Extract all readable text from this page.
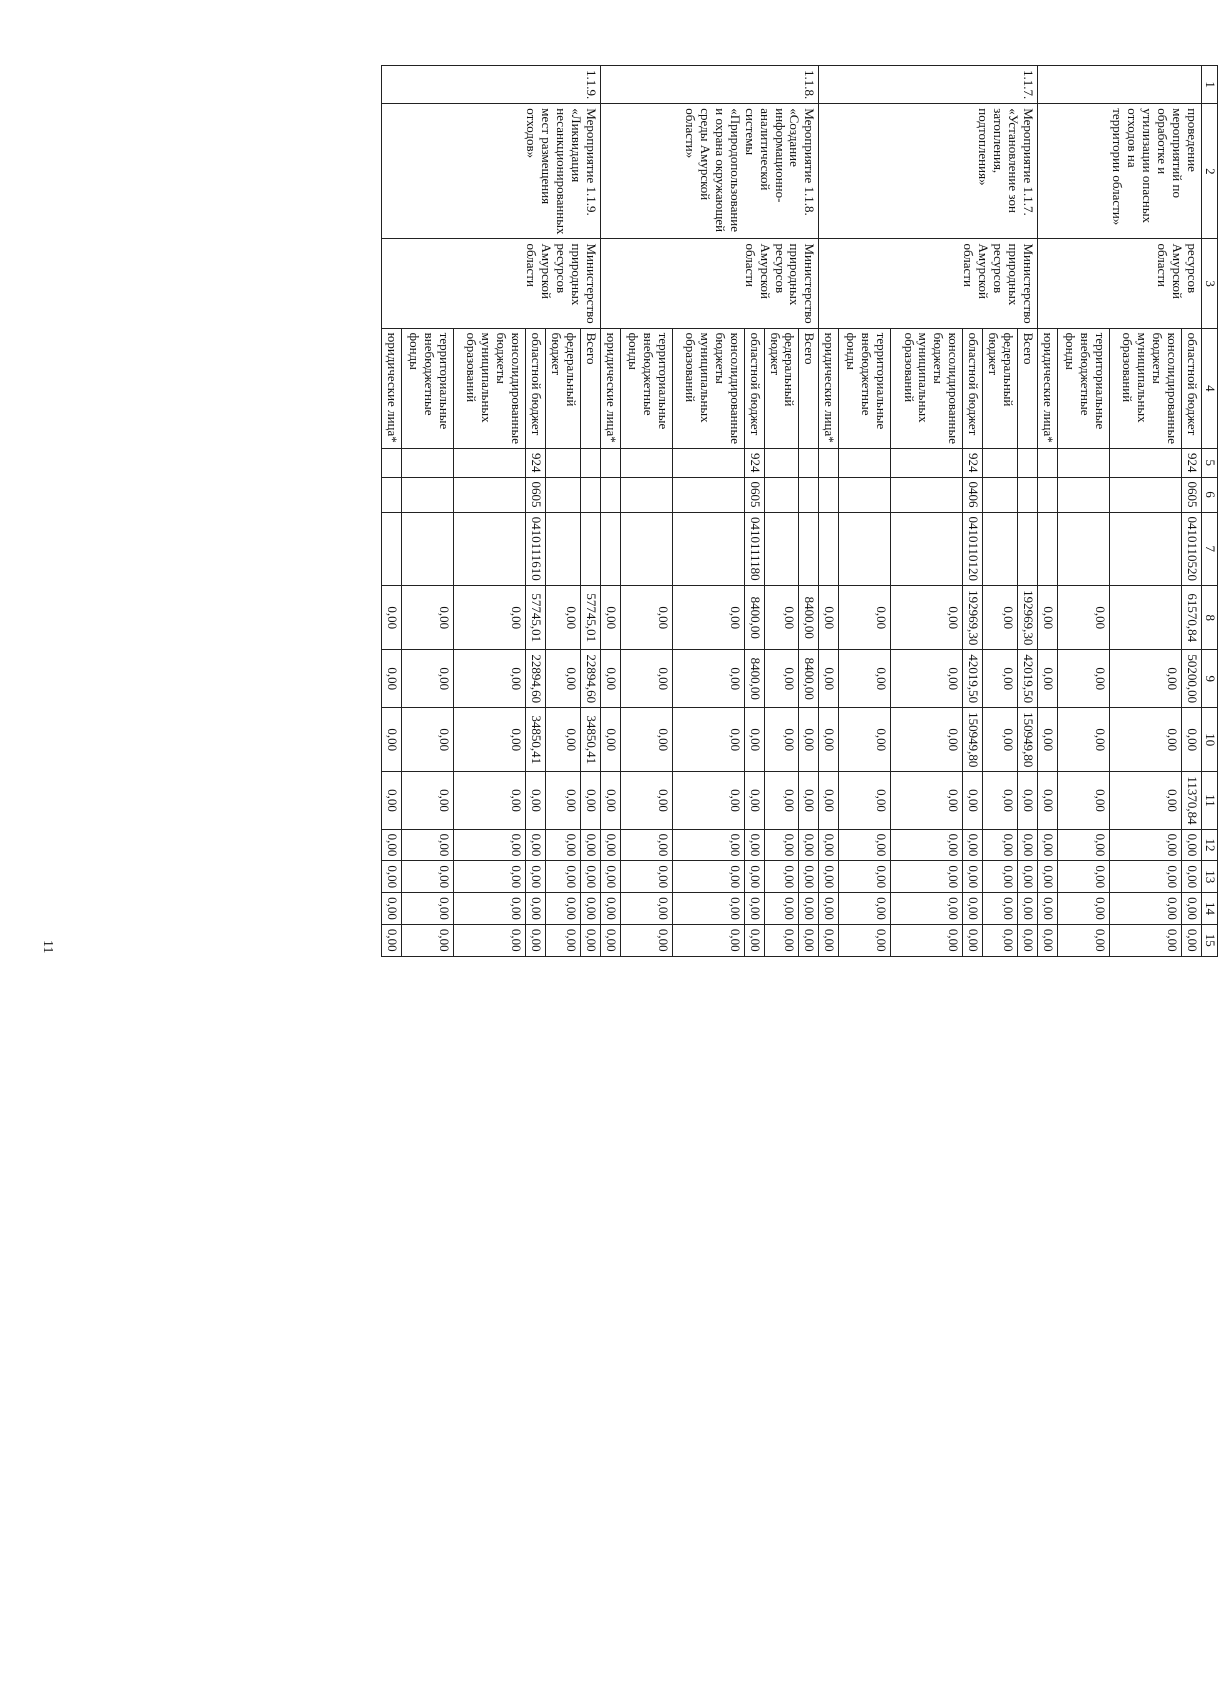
11
1	2	3	4	5	6	7	8	9	10	11	12	13	14	15
	проведение мероприятий по обработке и утилизации опасных отходов на территории области»	ресурсов Амурской области	областной бюджет	924	0605	0410110520	61570,84	50200,00	0,00	11370,84	0,00	0,00	0,00	0,00
			консолидированные бюджеты муниципальных образований					0,00	0,00	0,00	0,00	0,00	0,00	0,00
			территориальные внебюджетные фонды				0,00	0,00	0,00	0,00	0,00	0,00	0,00	0,00
			юридические лица*				0,00	0,00	0,00	0,00	0,00	0,00	0,00	0,00
1.1.7.	Мероприятие 1.1.7. «Установление зон затопления, подтопления»	Министерство природных ресурсов Амурской области	Всего				192969,30	42019,50	150949,80	0,00	0,00	0,00	0,00	0,00
			федеральный бюджет				0,00	0,00	0,00	0,00	0,00	0,00	0,00	0,00
			областной бюджет	924	0406	0410110120	192969,30	42019,50	150949,80	0,00	0,00	0,00	0,00	0,00
			консолидированные бюджеты муниципальных образований				0,00	0,00	0,00	0,00	0,00	0,00	0,00	0,00
			территориальные внебюджетные фонды				0,00	0,00	0,00	0,00	0,00	0,00	0,00	0,00
			юридические лица*				0,00	0,00	0,00	0,00	0,00	0,00	0,00	0,00
1.1.8.	Мероприятие 1.1.8. «Создание информационно-аналитической системы «Природопользование и охрана окружающей среды Амурской области»	Министерство природных ресурсов Амурской области	Всего				8400,00	8400,00	0,00	0,00	0,00	0,00	0,00	0,00
			федеральный бюджет				0,00	0,00	0,00	0,00	0,00	0,00	0,00	0,00
			областной бюджет	924	0605	0410111180	8400,00	8400,00	0,00	0,00	0,00	0,00	0,00	0,00
			консолидированные бюджеты муниципальных образований				0,00	0,00	0,00	0,00	0,00	0,00	0,00	0,00
			территориальные внебюджетные фонды				0,00	0,00	0,00	0,00	0,00	0,00	0,00	0,00
			юридические лица*				0,00	0,00	0,00	0,00	0,00	0,00	0,00	0,00
1.1.9.	Мероприятие 1.1.9. «Ликвидация несанкционированных мест размещения отходов»	Министерство природных ресурсов Амурской области	Всего				57745,01	22894,60	34850,41	0,00	0,00	0,00	0,00	0,00
			федеральный бюджет				0,00	0,00	0,00	0,00	0,00	0,00	0,00	0,00
			областной бюджет	924	0605	0410111610	57745,01	22894,60	34850,41	0,00	0,00	0,00	0,00	0,00
			консолидированные бюджеты муниципальных образований				0,00	0,00	0,00	0,00	0,00	0,00	0,00	0,00
			территориальные внебюджетные фонды				0,00	0,00	0,00	0,00	0,00	0,00	0,00	0,00
			юридические лица*				0,00	0,00	0,00	0,00	0,00	0,00	0,00	0,00
